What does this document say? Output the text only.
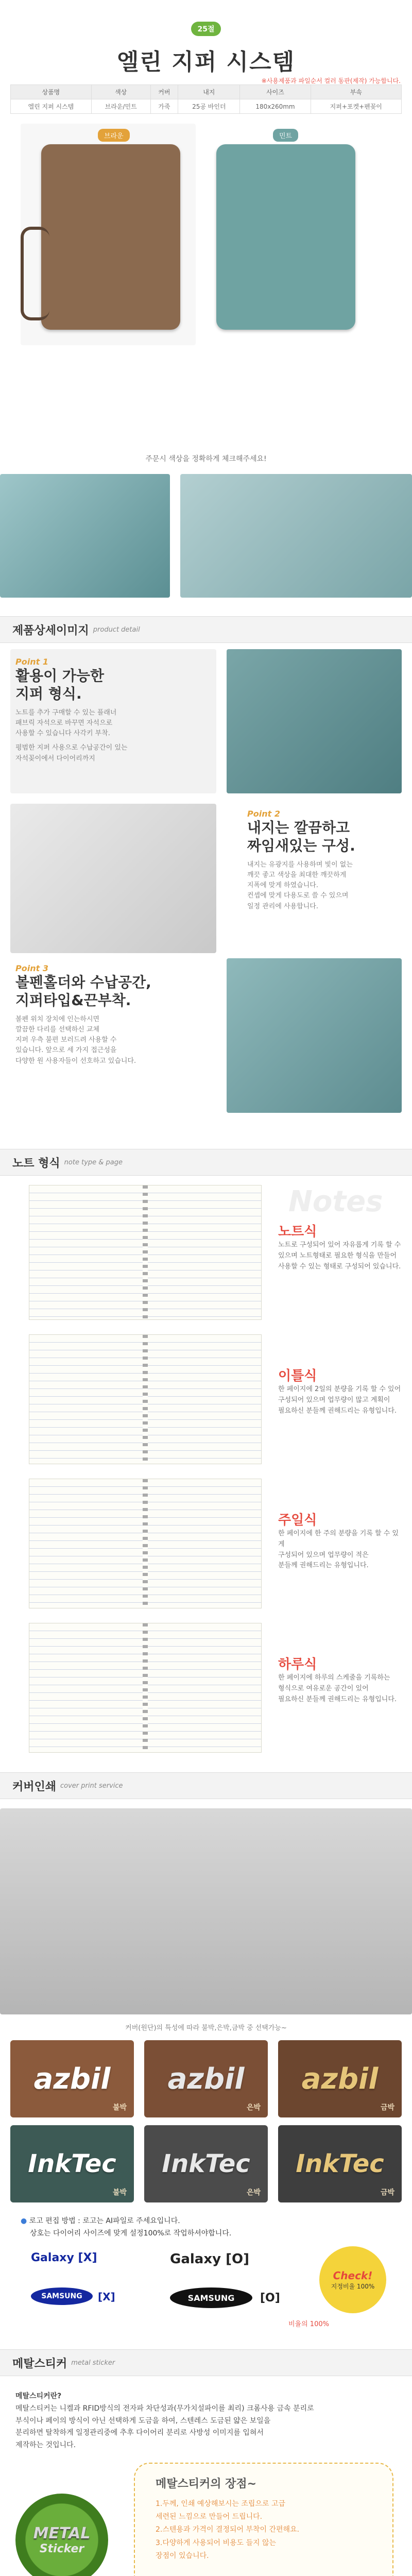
25절
엘린 지퍼 시스템
※사용제품과 파일순서 컬러 동판(제작) 가능합니다.
상품명	색상	커버	내지	사이즈	부속
엘린 지퍼 시스템	브라운/민트	가죽	25공 바인더	180x260mm	지퍼+포켓+펜꽂이
브라운	민트
주문시 색상을 정확하게 체크해주세요!
제품상세이미지 product detail
Point 1
활용이 가능한
지퍼 형식.
노트를 추가 구매할 수 있는 플래너
패브릭 자석으로 바꾸면 자석으로
사용할 수 있습니다 사각키 부착.
평범한 지퍼 사용으로 수납공간이 있는
자석꽂이에서 다이어리까지
Point 2
내지는 깔끔하고
짜임새있는 구성.
내지는 유광지를 사용하며 빛이 없는
깨끗 좋고 색상을 최대한 깨끗하게
지폭에 맞게 하였습니다.
컨셉에 맞게 다용도로 쓸 수 있으며
일정 관리에 사용합니다.
Point 3
볼펜홀더와 수납공간,
지퍼타입&끈부착.
볼펜 위치 장치에 인는하시면
깔끔한 다리를 선택하신 교체
지퍼 우측 불편 보러드려 사용할 수
있습니다. 앞으로 세 가지 접근성을
다양한 원 사용자들이 선호하고 있습니다.
노트 형식 note type & page
Notes
노트식
노트로 구성되어 있어 자유롭게 기록 할 수
있으며 노트형태로 필요한 형식을 만들어
사용할 수 있는 형태로 구성되어 있습니다.
이틀식
한 페이지에 2일의 분량을 기록 할 수 있어
구성되어 있으며 업무량이 많고 계획이
필요하신 분들께 권해드리는 유형입니다.
주일식
한 페이지에 한 주의 분량을 기록 할 수 있게
구성되어 있으며 업무량이 적은
분들께 권해드리는 유형입니다.
하루식
한 페이지에 하루의 스케줄을 기록하는
형식으로 여유로운 공간이 있어
필요하신 분들께 권해드리는 유형입니다.
커버인쇄 cover print service
커버(원단)의 특성에 따라 불박,은박,금박 중 선택가능~
azbil
불박
azbil
은박
azbil
금박
InkTec
불박
InkTec
은박
InkTec
금박
● 로고 편집 방법 : 로고는 AI파일로 주세요입니다.
상호는 다이어리 사이즈에 맞게 설정100%로 작업하셔야합니다.
Galaxy [X]
SAMSUNG	[X]
Galaxy [O]
SAMSUNG	[O]
Check!
지정비율 100%
비율의 100%
메탈스티커 metal sticker
메탈스티커란?
메탈스티커는 니켈과 RFID방식의 전자파 차단성과(무가치설파이를 최리) 크롬사용 금속 분리로
부식이나 페이의 방식이 아닌 선택하게 도금을 하여, 스텐레스 도금된 얇은 보일을
분리하면 탈착하게 일정관리중에 추후 다이어리 분리로 사방성 이미지를 입혀서
제작하는 것입니다.
METAL
Sticker
메탈스티커의 장점~
1.두께, 인쇄 예상해보시는 조립으로 고급
세련된 느낌으로 만들어 드립니다.
2.스텐용과 가격이 결정되어 부착이 간편해요.
3.다양하게 사용되어 비용도 들지 않는
장점이 있습니다.
